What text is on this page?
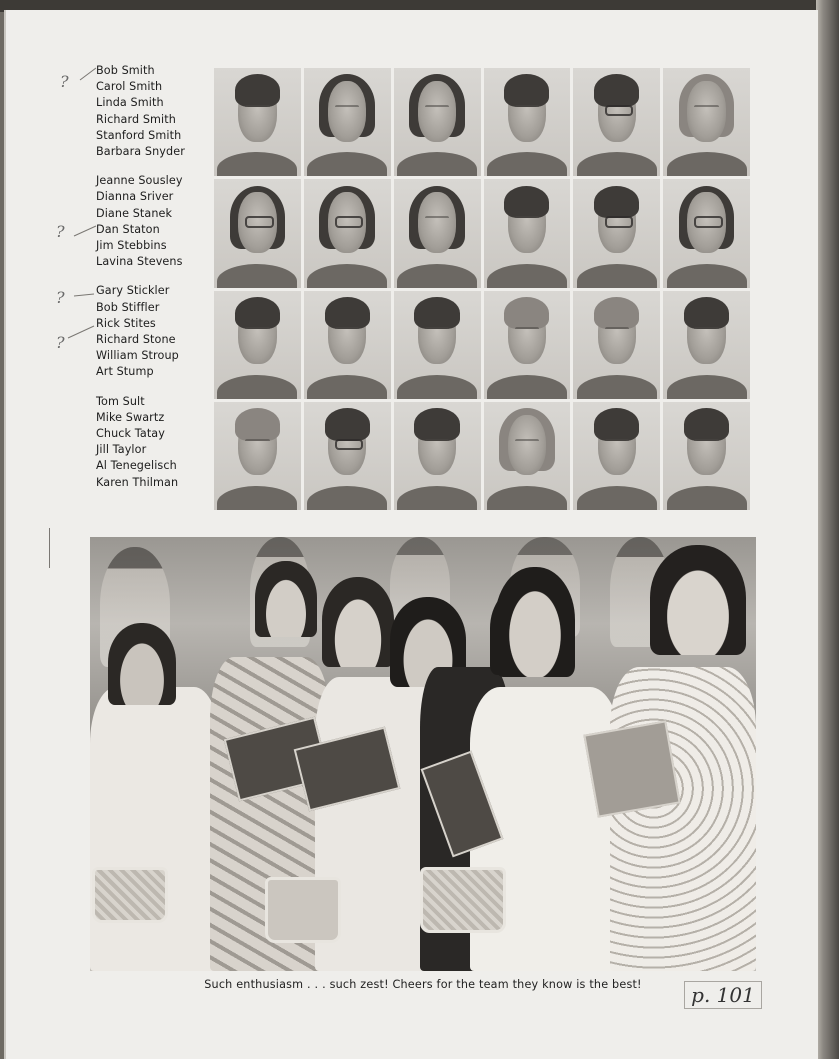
Bob Smith
Carol Smith
Linda Smith
Richard Smith
Stanford Smith
Barbara Snyder
Jeanne Sousley
Dianna Sriver
Diane Stanek
Dan Staton
Jim Stebbins
Lavina Stevens
Gary Stickler
Bob Stiffler
Rick Stites
Richard Stone
William Stroup
Art Stump
Tom Sult
Mike Swartz
Chuck Tatay
Jill Taylor
Al Tenegelisch
Karen Thilman
?
?
?
?
Such enthusiasm . . . such zest! Cheers for the team they know is the best!	p. 101
